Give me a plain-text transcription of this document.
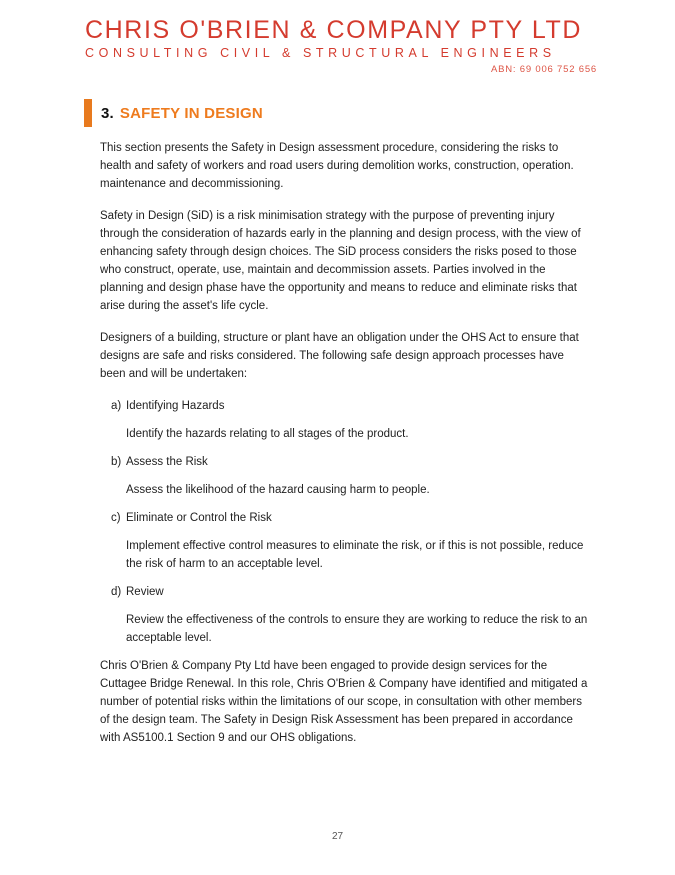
CHRIS O'BRIEN & COMPANY PTY LTD
CONSULTING CIVIL & STRUCTURAL ENGINEERS
ABN: 69 006 752 656
3. SAFETY IN DESIGN

This section presents the Safety in Design assessment procedure, considering the risks to health and safety of workers and road users during demolition works, construction, operation. maintenance and decommissioning.

Safety in Design (SiD) is a risk minimisation strategy with the purpose of preventing injury through the consideration of hazards early in the planning and design process, with the view of enhancing safety through design choices. The SiD process considers the risks posed to those who construct, operate, use, maintain and decommission assets. Parties involved in the planning and design phase have the opportunity and means to reduce and eliminate risks that arise during the asset's life cycle.

Designers of a building, structure or plant have an obligation under the OHS Act to ensure that designs are safe and risks considered. The following safe design approach processes have been and will be undertaken:

a) Identifying Hazards
Identify the hazards relating to all stages of the product.
b) Assess the Risk
Assess the likelihood of the hazard causing harm to people.
c) Eliminate or Control the Risk
Implement effective control measures to eliminate the risk, or if this is not possible, reduce the risk of harm to an acceptable level.
d) Review
Review the effectiveness of the controls to ensure they are working to reduce the risk to an acceptable level.

Chris O'Brien & Company Pty Ltd have been engaged to provide design services for the Cuttagee Bridge Renewal. In this role, Chris O'Brien & Company have identified and mitigated a number of potential risks within the limitations of our scope, in consultation with other members of the design team. The Safety in Design Risk Assessment has been prepared in accordance with AS5100.1 Section 9 and our OHS obligations.

27
